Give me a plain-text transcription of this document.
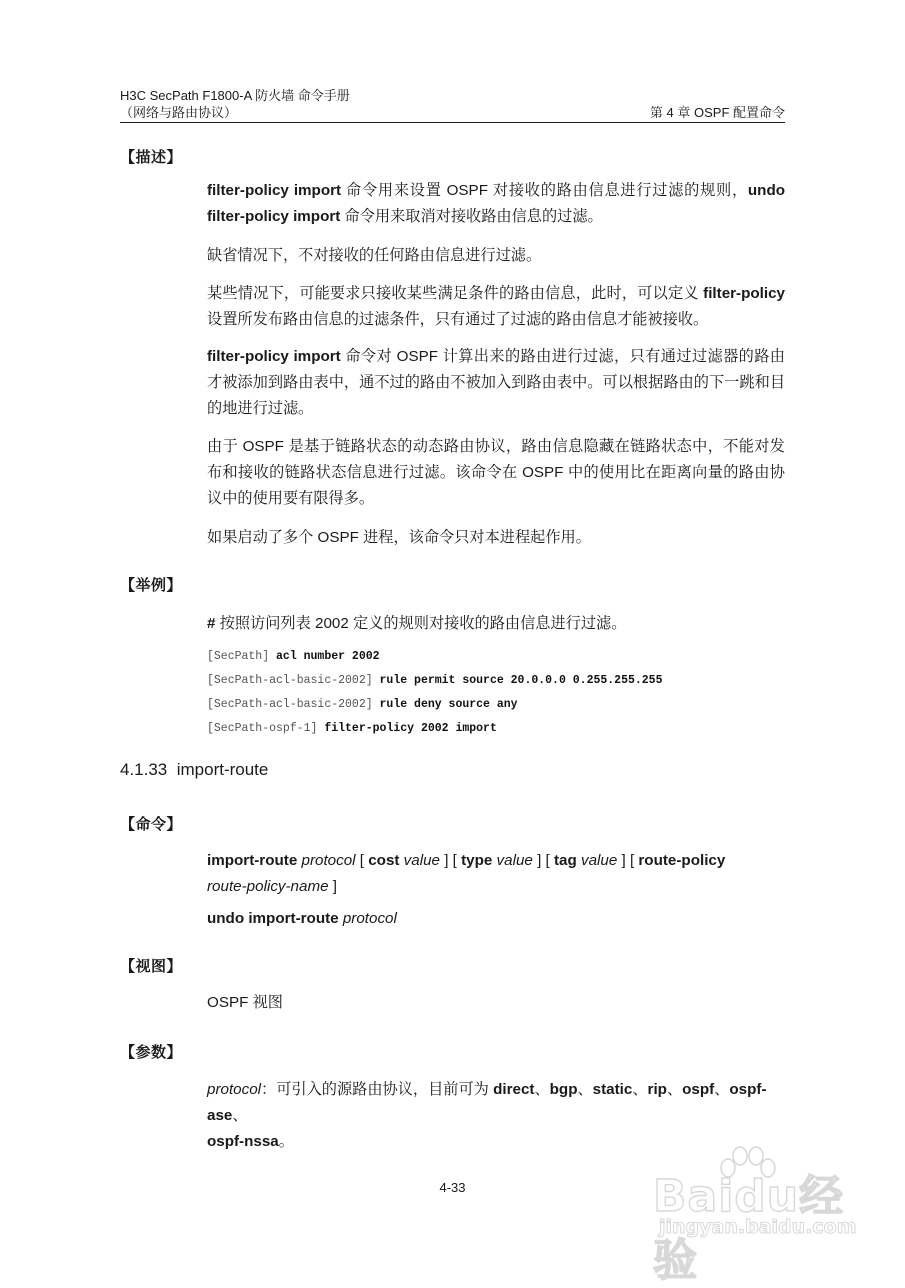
H3C SecPath F1800-A 防火墙 命令手册
（网络与路由协议）	第 4 章 OSPF 配置命令
【描述】
filter-policy import 命令用来设置 OSPF 对接收的路由信息进行过滤的规则，undo filter-policy import 命令用来取消对接收路由信息的过滤。
缺省情况下，不对接收的任何路由信息进行过滤。
某些情况下，可能要求只接收某些满足条件的路由信息，此时，可以定义 filter-policy 设置所发布路由信息的过滤条件，只有通过了过滤的路由信息才能被接收。
filter-policy import 命令对 OSPF 计算出来的路由进行过滤，只有通过过滤器的路由才被添加到路由表中，通不过的路由不被加入到路由表中。可以根据路由的下一跳和目的地进行过滤。
由于 OSPF 是基于链路状态的动态路由协议，路由信息隐藏在链路状态中，不能对发布和接收的链路状态信息进行过滤。该命令在 OSPF 中的使用比在距离向量的路由协议中的使用要有限得多。
如果启动了多个 OSPF 进程，该命令只对本进程起作用。
【举例】
# 按照访问列表 2002 定义的规则对接收的路由信息进行过滤。
[SecPath] acl number 2002
[SecPath-acl-basic-2002] rule permit source 20.0.0.0 0.255.255.255
[SecPath-acl-basic-2002] rule deny source any
[SecPath-ospf-1] filter-policy 2002 import
4.1.33 import-route
【命令】
import-route protocol [ cost value ] [ type value ] [ tag value ] [ route-policy
route-policy-name ]
undo import-route protocol
【视图】
OSPF 视图
【参数】
protocol：可引入的源路由协议，目前可为 direct、bgp、static、rip、ospf、ospf-ase、
ospf-nssa。
4-33	Baidu经验
jingyan.baidu.com
